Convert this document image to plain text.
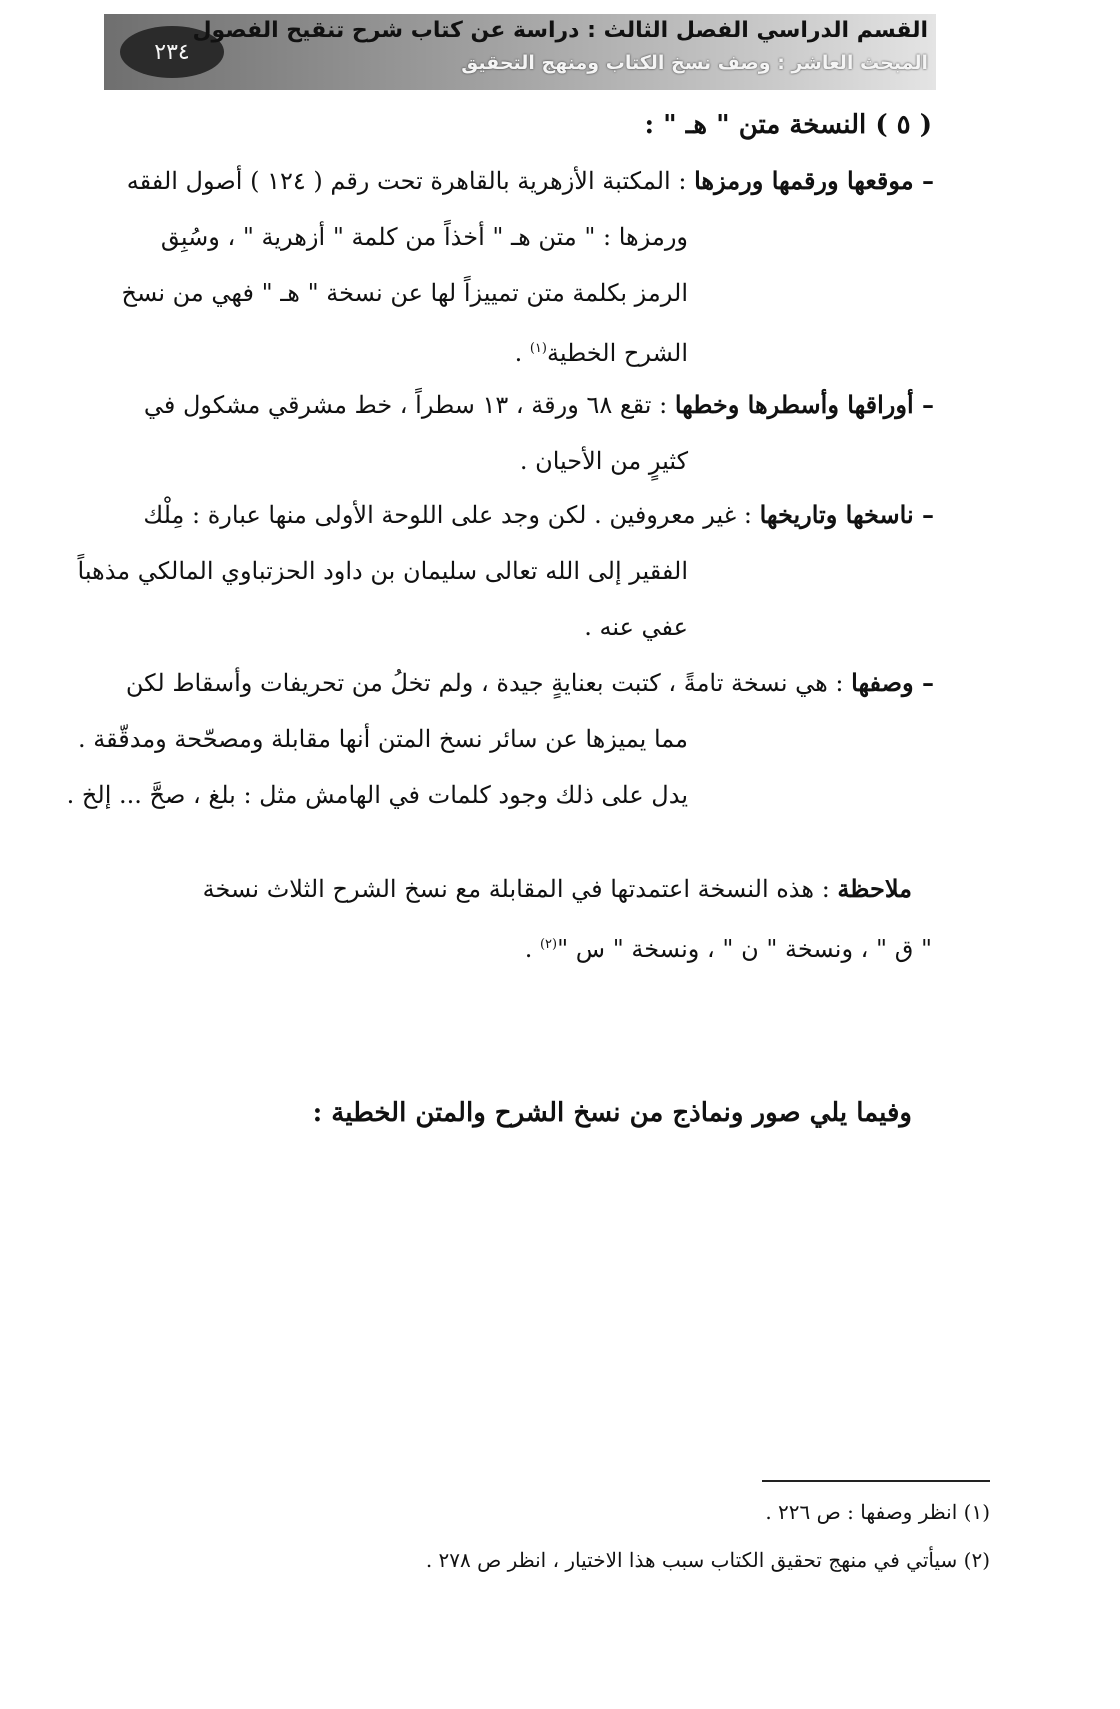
٢٣٤
القسم الدراسي الفصل الثالث : دراسة عن كتاب شرح تنقيح الفصول
المبحث العاشر : وصف نسخ الكتاب ومنهج التحقيق
( ٥ ) النسخة متن " هـ " :
– موقعها ورقمها ورمزها : المكتبة الأزهرية بالقاهرة تحت رقم ( ١٢٤ ) أصول الفقه
ورمزها : " متن هـ " أخذاً من كلمة " أزهرية " ، وسُبِق
الرمز بكلمة متن تمييزاً لها عن نسخة " هـ " فهي من نسخ
الشرح الخطية$^{(١)}$ .
– أوراقها وأسطرها وخطها : تقع ٦٨ ورقة ، ١٣ سطراً ، خط مشرقي مشكول في
كثيرٍ من الأحيان .
– ناسخها وتاريخها : غير معروفين . لكن وجد على اللوحة الأولى منها عبارة : مِلْك
الفقير إلى الله تعالى سليمان بن داود الحزتباوي المالكي مذهباً
عفي عنه .
– وصفها : هي نسخة تامةً ، كتبت بعنايةٍ جيدة ، ولم تخلُ من تحريفات وأسقاط لكن
مما يميزها عن سائر نسخ المتن أنها مقابلة ومصحّحة ومدقّقة .
يدل على ذلك وجود كلمات في الهامش مثل : بلغ ، صحَّ ... إلخ .
ملاحظة : هذه النسخة اعتمدتها في المقابلة مع نسخ الشرح الثلاث نسخة
" ق " ، ونسخة " ن " ، ونسخة " س "$^{(٢)}$ .
وفيما يلي صور ونماذج من نسخ الشرح والمتن الخطية :
(١) انظر وصفها : ص ٢٢٦ .
(٢) سيأتي في منهج تحقيق الكتاب سبب هذا الاختيار ، انظر ص ٢٧٨ .
